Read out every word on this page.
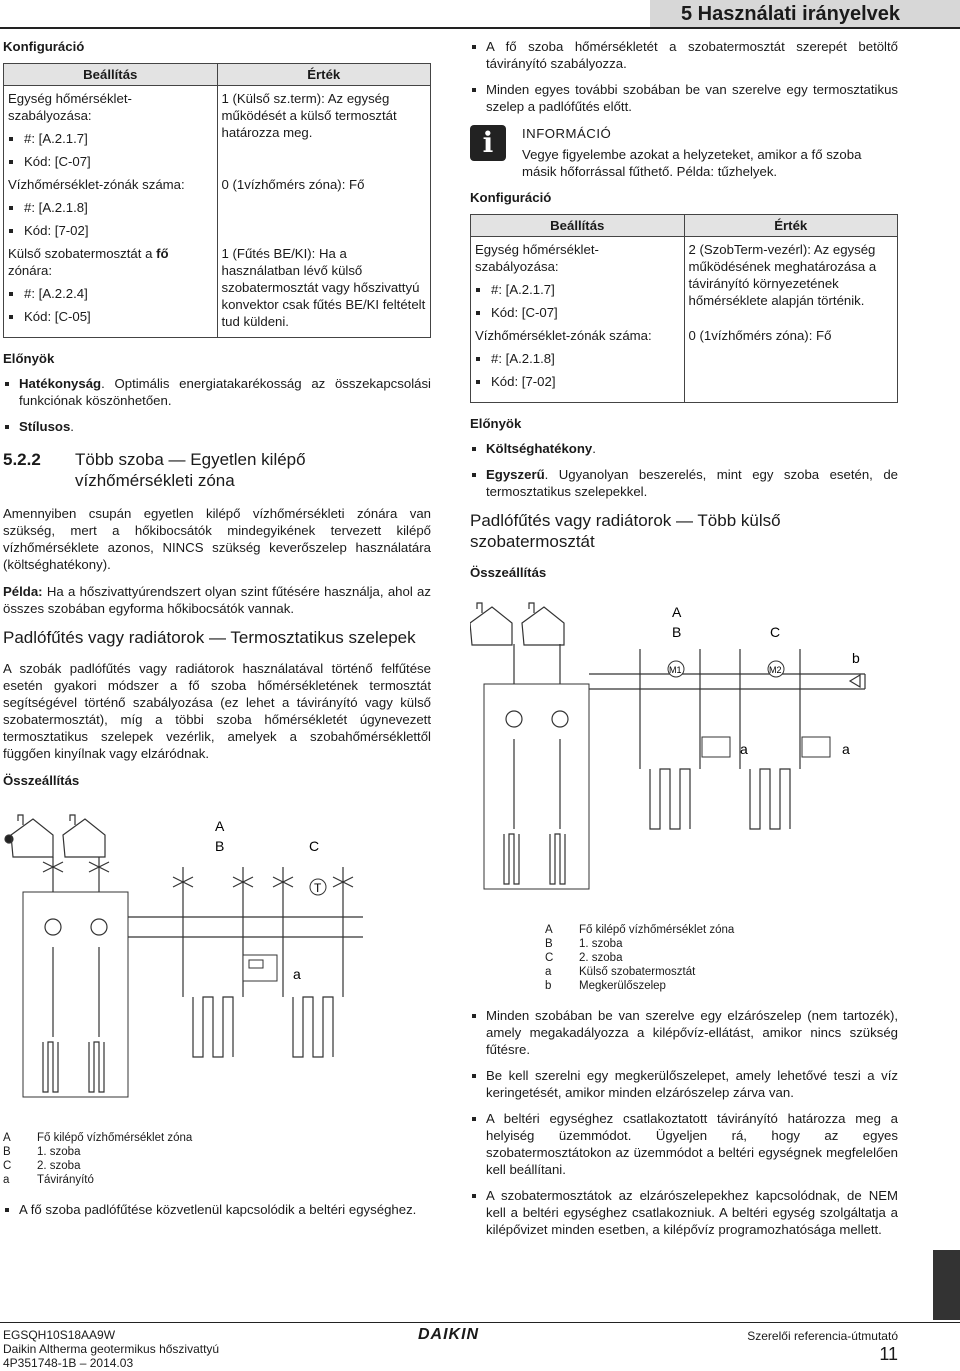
5 Használati irányelvek
Konfiguráció
Beállítás	Érték

Egység hőmérséklet-szabályozása:
#: [A.2.1.7]
Kód: [C-07]	1 (Külső sz.term): Az egység működését a külső termosztát határozza meg.

Vízhőmérséklet-zónák száma:
#: [A.2.1.8]
Kód: [7-02]	0 (1vízhőmérs zóna): Fő

Külső szobatermosztát a fő zónára:
#: [A.2.2.4]
Kód: [C-05]	1 (Fűtés BE/KI): Ha a használatban lévő külső szobatermosztát vagy hőszivattyú konvektor csak fűtés BE/KI feltételt tud küldeni.

Előnyök
Hatékonyság. Optimális energiatakarékosság az összekapcsolási funkciónak köszönhetően.
Stílusos.
5.2.2	Több szoba — Egyetlen kilépő vízhőmérsékleti zóna

Amennyiben csupán egyetlen kilépő vízhőmérsékleti zónára van szükség, mert a hőkibocsátók mindegyikének tervezett kilépő vízhőmérséklete azonos, NINCS szükség keverőszelep használatára (költséghatékony).

Példa: Ha a hőszivattyúrendszert olyan szint fűtésére használja, ahol az összes szobában egyforma hőkibocsátók vannak.

Padlófűtés vagy radiátorok — Termosztatikus szelepek

A szobák padlófűtés vagy radiátorok használatával történő felfűtése esetén gyakori módszer a fő szoba hőmérsékletének termosztát segítségével történő szabályozása (ez lehet a távirányító vagy külső szobatermosztát), míg a többi szoba hőmérsékletét úgynevezett termosztatikus szelepek vezérlik, amelyek a szobahőmérséklettől függően kinyílnak vagy elzáródnak.

Összeállítás
A
B	C
T
a
A	Fő kilépő vízhőmérséklet zóna
B	1. szoba
C	2. szoba
a	Távirányító
A fő szoba padlófűtése közvetlenül kapcsolódik a beltéri egységhez.
A fő szoba hőmérsékletét a szobatermosztát szerepét betöltő távirányító szabályozza.
Minden egyes további szobában be van szerelve egy termosztatikus szelep a padlófűtés előtt.
i	INFORMÁCIÓ
Vegye figyelembe azokat a helyzeteket, amikor a fő szoba másik hőforrással fűthető. Példa: tűzhelyek.
Konfiguráció
Beállítás	Érték

Egység hőmérséklet-szabályozása:
#: [A.2.1.7]
Kód: [C-07]	2 (SzobTerm-vezérl): Az egység működésének meghatározása a távirányító környezetének hőmérséklete alapján történik.

Vízhőmérséklet-zónák száma:
#: [A.2.1.8]
Kód: [7-02]	0 (1vízhőmérs zóna): Fő

Előnyök
Költséghatékony.
Egyszerű. Ugyanolyan beszerelés, mint egy szoba esetén, de termosztatikus szelepekkel.
Padlófűtés vagy radiátorok — Több külső szobatermosztát
Összeállítás
A
B	C
b
M1	M2
a	a
A	Fő kilépő vízhőmérséklet zóna
B	1. szoba
C	2. szoba
a	Külső szobatermosztát
b	Megkerülőszelep
Minden szobában be van szerelve egy elzárószelep (nem tartozék), amely megakadályozza a kilépővíz-ellátást, amikor nincs szükség fűtésre.
Be kell szerelni egy megkerülőszelepet, amely lehetővé teszi a víz keringetését, amikor minden elzárószelep zárva van.
A beltéri egységhez csatlakoztatott távirányító határozza meg a helyiség üzemmódot. Ügyeljen rá, hogy az egyes szobatermosztátokon az üzemmódot a beltéri egységnek megfelelően kell beállítani.
A szobatermosztátok az elzárószelepekhez kapcsolódnak, de NEM kell a beltéri egységhez csatlakozniuk. A beltéri egység szolgáltatja a kilépővizet minden esetben, a kilépővíz programozhatósága mellett.
EGSQH10S18AA9W
Daikin Altherma geotermikus hőszivattyú
4P351748-1B – 2014.03
DAIKIN	Szerelői referencia-útmutató
11
